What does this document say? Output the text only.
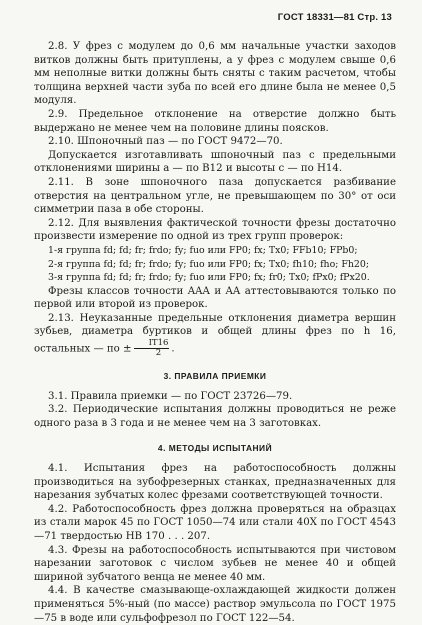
ГОСТ 18331—81 Стр. 13

2.8. У фрез с модулем до 0,6 мм начальные участки заходов витков должны быть притуплены, а у фрез с модулем свыше 0,6 мм неполные витки должны быть сняты с таким расчетом, чтобы толщина верхней части зуба по всей его длине была не менее 0,5 модуля.

2.9. Предельное отклонение на отверстие должно быть выдержано не менее чем на половине длины поясков.

2.10. Шпоночный паз — по ГОСТ 9472—70.

Допускается изготавливать шпоночный паз с предельными отклонениями ширины a — по B12 и высоты c — по H14.

2.11. В зоне шпоночного паза допускается разбивание отверстия на центральном угле, не превышающем по 30° от оси симметрии паза в обе стороны.

2.12. Для выявления фактической точности фрезы достаточно произвести измерение по одной из трех групп проверок:

1-я группа fd; fd; fr; frdo; fy; fuo или FP0; fx; Tx0; FFb10; FPb0;
2-я группа fd; fd; fr; frdo; fy; fuo или FP0; fx; Tx0; fh10; fho; Fh20;
3-я группа fd; fd; fr; frdo; fy; fuo или FP0; fx; fr0; Tx0; fPx0; fPx20.

Фрезы классов точности AAA и AA аттестовываются только по первой или второй из проверок.

2.13. Неуказанные предельные отклонения диаметра вершин зубьев, диаметра буртиков и общей длины фрез по h 16, остальных — по ± $\frac{IT16}{2}$ .

3. ПРАВИЛА ПРИЕМКИ

3.1. Правила приемки — по ГОСТ 23726—79.

3.2. Периодические испытания должны проводиться не реже одного раза в 3 года и не менее чем на 3 заготовках.

4. МЕТОДЫ ИСПЫТАНИЙ

4.1. Испытания фрез на работоспособность должны производиться на зубофрезерных станках, предназначенных для нарезания зубчатых колес фрезами соответствующей точности.

4.2. Работоспособность фрез должна проверяться на образцах из стали марок 45 по ГОСТ 1050—74 или стали 40X по ГОСТ 4543—71 твердостью НВ 170 . . . 207.

4.3. Фрезы на работоспособность испытываются при чистовом нарезании заготовок с числом зубьев не менее 40 и общей шириной зубчатого венца не менее 40 мм.

4.4. В качестве смазывающе-охлаждающей жидкости должен применяться 5%-ный (по массе) раствор эмульсола по ГОСТ 1975—75 в воде или сульфофрезол по ГОСТ 122—54.
